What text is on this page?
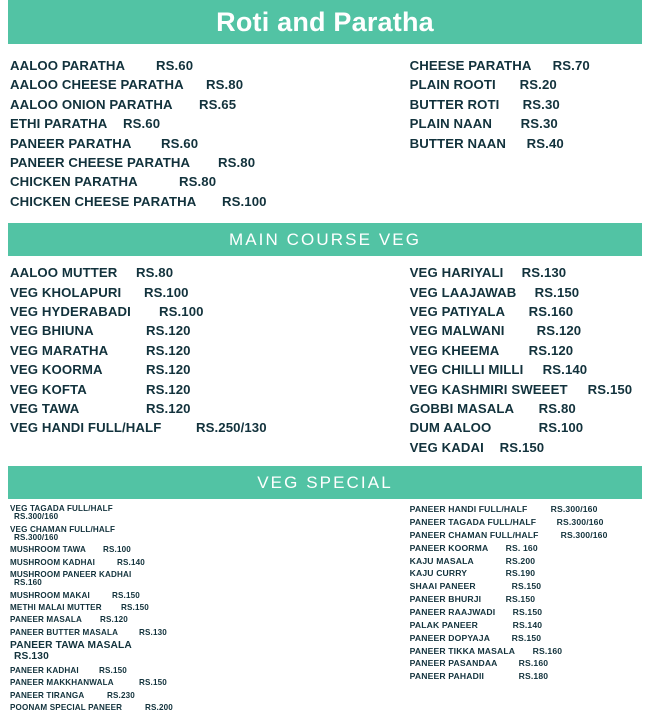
Roti and Paratha
AALOO PARATHA	RS.60
AALOO CHEESE PARATHA	RS.80
AALOO ONION PARATHA	RS.65
ETHI PARATHA	RS.60
PANEER PARATHA	RS.60
PANEER CHEESE PARATHA	RS.80
CHICKEN PARATHA	RS.80
CHICKEN CHEESE PARATHA	RS.100
CHEESE PARATHA	RS.70
PLAIN ROOTI	RS.20
BUTTER ROTI	RS.30
PLAIN NAAN	RS.30
BUTTER NAAN	RS.40
MAIN COURSE VEG
AALOO MUTTER	RS.80
VEG KHOLAPURI	RS.100
VEG HYDERABADI	RS.100
VEG BHIUNA	RS.120
VEG MARATHA	RS.120
VEG KOORMA	RS.120
VEG KOFTA	RS.120
VEG TAWA	RS.120
VEG HANDI FULL/HALF	RS.250/130
VEG HARIYALI	RS.130
VEG LAAJAWAB	RS.150
VEG PATIYALA	RS.160
VEG MALWANI	RS.120
VEG KHEEMA	RS.120
VEG CHILLI MILLI	RS.140
VEG KASHMIRI SWEEET	RS.150
GOBBI MASALA	RS.80
DUM AALOO	RS.100
VEG KADAI	RS.150
VEG SPECIAL
VEG TAGADA FULL/HALF
RS.300/160
VEG CHAMAN FULL/HALF
RS.300/160
MUSHROOM TAWA	RS.100
MUSHROOM KADHAI	RS.140
MUSHROOM PANEER KADHAI
RS.160
MUSHROOM MAKAI	RS.150
METHI MALAI MUTTER	RS.150
PANEER MASALA	RS.120
PANEER BUTTER MASALA	RS.130
PANEER TAWA MASALA
RS.130
PANEER KADHAI	RS.150
PANEER MAKKHANWALA	RS.150
PANEER TIRANGA	RS.230
POONAM SPECIAL PANEER	RS.200
PANEER HANDI FULL/HALF	RS.300/160
PANEER TAGADA FULL/HALF	RS.300/160
PANEER CHAMAN FULL/HALF	RS.300/160
PANEER KOORMA	RS. 160
KAJU MASALA	RS.200
KAJU CURRY	RS.190
SHAAI PANEER	RS.150
PANEER BHURJI	RS.150
PANEER RAAJWADI	RS.150
PALAK PANEER	RS.140
PANEER DOPYAJA	RS.150
PANEER TIKKA MASALA	RS.160
PANEER PASANDAA	RS.160
PANEER PAHADII	RS.180
